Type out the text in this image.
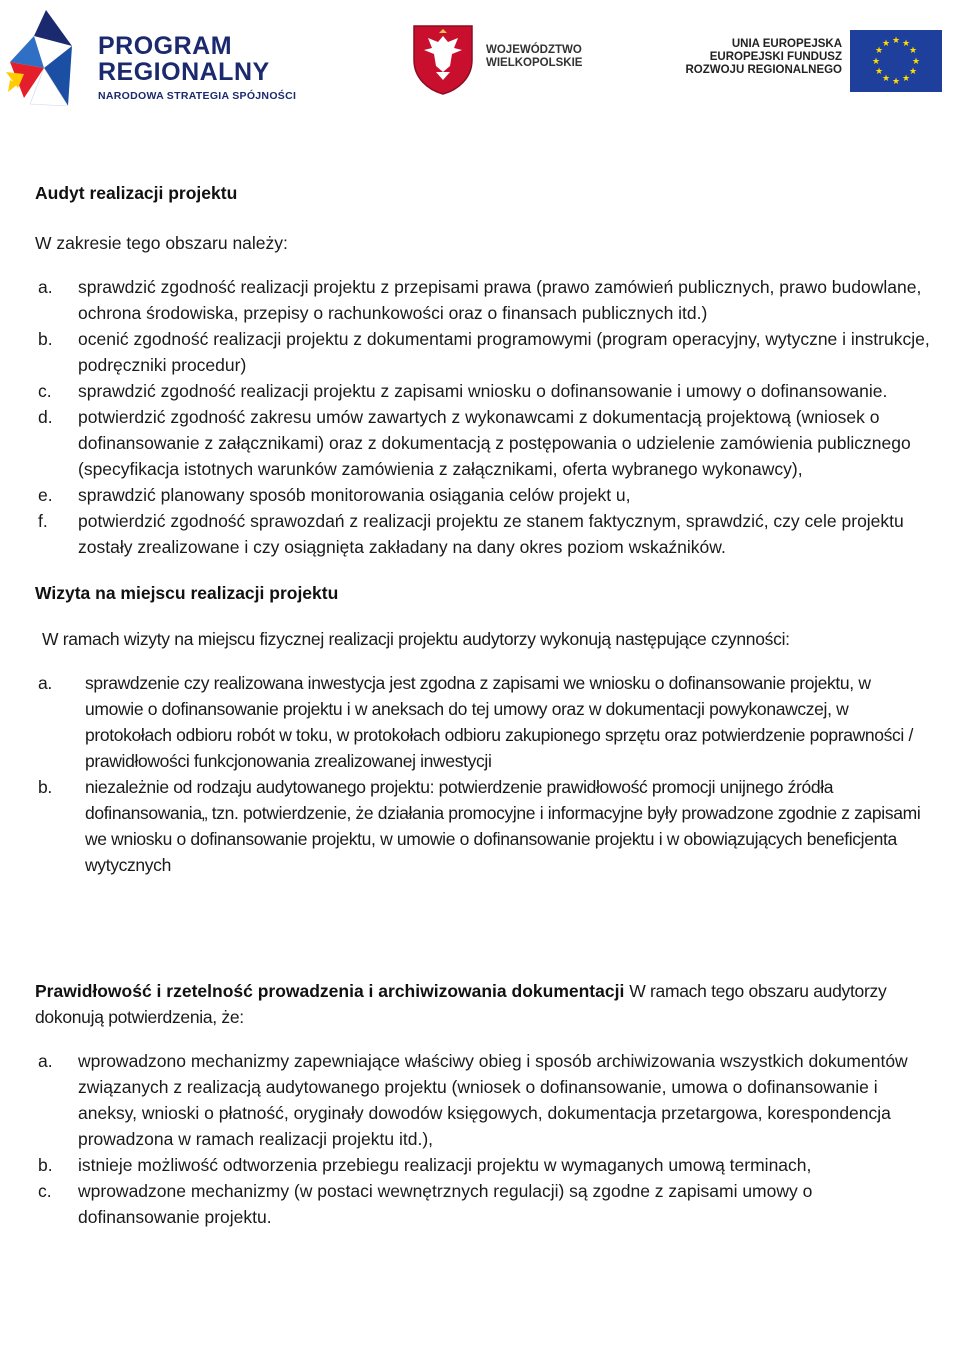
PROGRAM
REGIONALNY
NARODOWA STRATEGIA SPÓJNOŚCI
WOJEWÓDZTWO
WIELKOPOLSKIE
UNIA EUROPEJSKA
EUROPEJSKI FUNDUSZ
ROZWOJU REGIONALNEGO
★ ★
★
★
★
★
★
★
★
★
★
★
Audyt realizacji projektu
W zakresie tego obszaru należy:
a. sprawdzić zgodność realizacji projektu z przepisami prawa (prawo zamówień publicznych, prawo budowlane, ochrona środowiska, przepisy o rachunkowości oraz o finansach publicznych itd.)
b. ocenić zgodność realizacji projektu z dokumentami programowymi (program operacyjny, wytyczne i instrukcje, podręczniki procedur)
c. sprawdzić zgodność realizacji projektu z zapisami wniosku o dofinansowanie i umowy o dofinansowanie.
d. potwierdzić zgodność zakresu umów zawartych z wykonawcami z dokumentacją projektową (wniosek o dofinansowanie z załącznikami) oraz z dokumentacją z postępowania o udzielenie zamówienia publicznego (specyfikacja istotnych warunków zamówienia z załącznikami, oferta wybranego wykonawcy),
e. sprawdzić planowany sposób monitorowania osiągania celów projekt u,
f. potwierdzić zgodność sprawozdań z realizacji projektu ze stanem faktycznym, sprawdzić, czy cele projektu zostały zrealizowane i czy osiągnięta zakładany na dany okres poziom wskaźników.
Wizyta na miejscu realizacji projektu
W ramach wizyty na miejscu fizycznej realizacji projektu audytorzy wykonują następujące czynności:
a. sprawdzenie czy realizowana inwestycja jest zgodna z zapisami we wniosku o dofinansowanie projektu, w umowie o dofinansowanie projektu i w aneksach do tej umowy oraz w dokumentacji powykonawczej, w protokołach odbioru robót w toku, w protokołach odbioru zakupionego sprzętu oraz potwierdzenie poprawności / prawidłowości funkcjonowania zrealizowanej inwestycji
b. niezależnie od rodzaju audytowanego projektu: potwierdzenie prawidłowość promocji unijnego źródła dofinansowania„ tzn. potwierdzenie, że działania promocyjne i informacyjne były prowadzone zgodnie z zapisami we wniosku o dofinansowanie projektu, w umowie o dofinansowanie projektu i w obowiązujących beneficjenta wytycznych
Prawidłowość i rzetelność prowadzenia i archiwizowania dokumentacji W ramach tego obszaru audytorzy dokonują potwierdzenia, że:
a. wprowadzono mechanizmy zapewniające właściwy obieg i sposób archiwizowania wszystkich dokumentów związanych z realizacją audytowanego projektu (wniosek o dofinansowanie, umowa o dofinansowanie i aneksy, wnioski o płatność, oryginały dowodów księgowych, dokumentacja przetargowa, korespondencja prowadzona w ramach realizacji projektu itd.),
b. istnieje możliwość odtworzenia przebiegu realizacji projektu w wymaganych umową terminach,
c. wprowadzone mechanizmy (w postaci wewnętrznych regulacji) są zgodne z zapisami umowy o dofinansowanie projektu.
